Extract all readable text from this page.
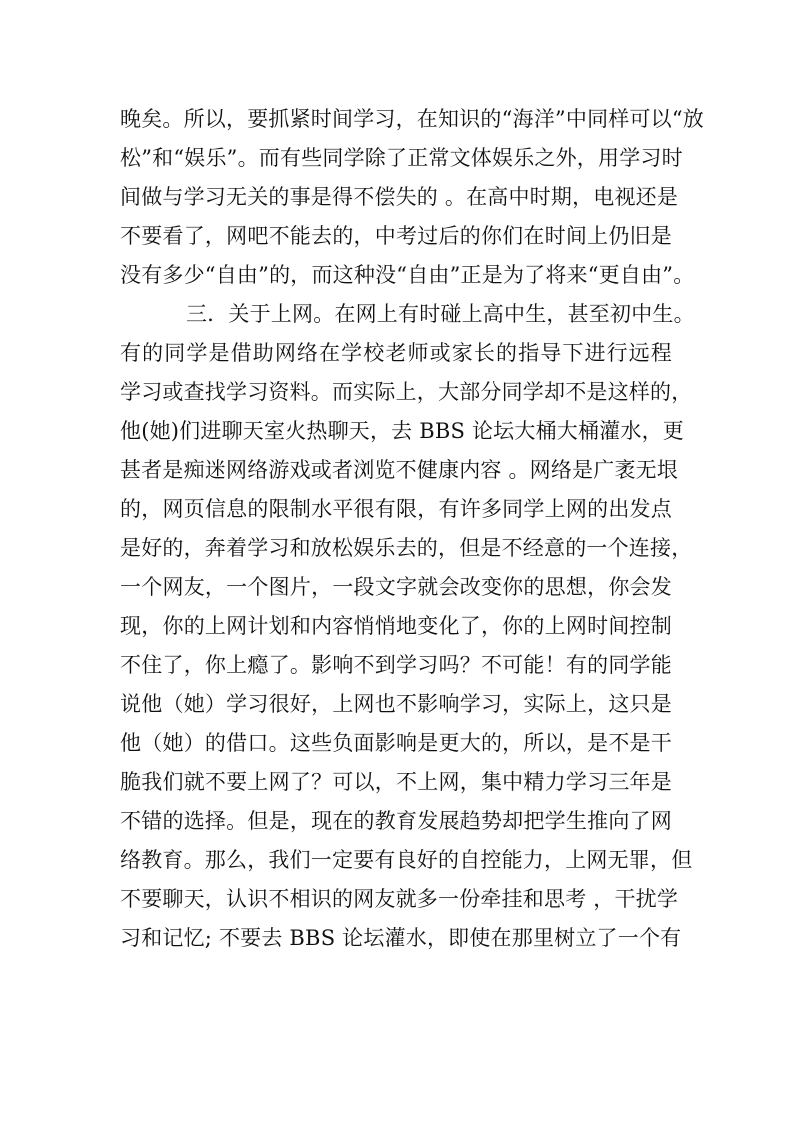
晚矣。所以，要抓紧时间学习，在知识的“海洋”中同样可以“放
松”和“娱乐”。而有些同学除了正常文体娱乐之外，用学习时
间做与学习无关的事是得不偿失的 。在高中时期，电视还是
不要看了，网吧不能去的，中考过后的你们在时间上仍旧是
没有多少“自由”的，而这种没“自由”正是为了将来“更自由”。
三．关于上网。在网上有时碰上高中生，甚至初中生。
有的同学是借助网络在学校老师或家长的指导下进行远程
学习或查找学习资料。而实际上，大部分同学却不是这样的，
他(她)们进聊天室火热聊天，去 BBS 论坛大桶大桶灌水，更
甚者是痴迷网络游戏或者浏览不健康内容 。网络是广袤无垠
的，网页信息的限制水平很有限，有许多同学上网的出发点
是好的，奔着学习和放松娱乐去的，但是不经意的一个连接，
一个网友，一个图片，一段文字就会改变你的思想，你会发
现，你的上网计划和内容悄悄地变化了，你的上网时间控制
不住了，你上瘾了。影响不到学习吗？不可能！有的同学能
说他（她）学习很好，上网也不影响学习，实际上，这只是
他（她）的借口。这些负面影响是更大的，所以，是不是干
脆我们就不要上网了？可以，不上网，集中精力学习三年是
不错的选择。但是，现在的教育发展趋势却把学生推向了网
络教育。那么，我们一定要有良好的自控能力，上网无罪，但
不要聊天，认识不相识的网友就多一份牵挂和思考 ，干扰学
习和记忆; 不要去 BBS 论坛灌水，即使在那里树立了一个有
